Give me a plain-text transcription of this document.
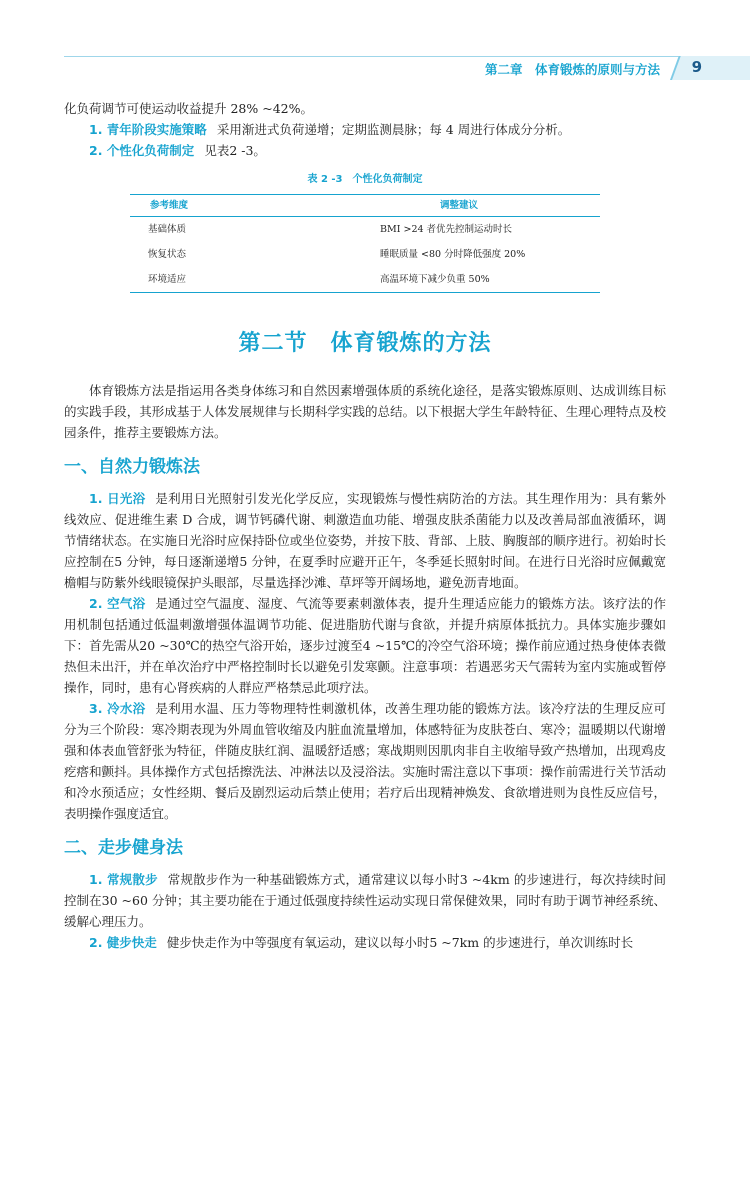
第二章　体育锻炼的原则与方法 9

化负荷调节可使运动收益提升 28% ~42%。

1. 青年阶段实施策略 采用渐进式负荷递增；定期监测晨脉；每 4 周进行体成分分析。

2. 个性化负荷制定 见表2 -3。

表 2 -3　个性化负荷制定
参考维度	调整建议
基础体质	BMI >24 者优先控制运动时长
恢复状态	睡眠质量 <80 分时降低强度 20%
环境适应	高温环境下减少负重 50%
第二节　体育锻炼的方法

体育锻炼方法是指运用各类身体练习和自然因素增强体质的系统化途径，是落实锻炼原则、达成训练目标的实践手段，其形成基于人体发展规律与长期科学实践的总结。以下根据大学生年龄特征、生理心理特点及校园条件，推荐主要锻炼方法。

一、自然力锻炼法

1. 日光浴 是利用日光照射引发光化学反应，实现锻炼与慢性病防治的方法。其生理作用为：具有紫外线效应、促进维生素 D 合成，调节钙磷代谢、刺激造血功能、增强皮肤杀菌能力以及改善局部血液循环，调节情绪状态。在实施日光浴时应保持卧位或坐位姿势，并按下肢、背部、上肢、胸腹部的顺序进行。初始时长应控制在5 分钟，每日逐渐递增5 分钟，在夏季时应避开正午，冬季延长照射时间。在进行日光浴时应佩戴宽檐帽与防紫外线眼镜保护头眼部，尽量选择沙滩、草坪等开阔场地，避免沥青地面。

2. 空气浴 是通过空气温度、湿度、气流等要素刺激体表，提升生理适应能力的锻炼方法。该疗法的作用机制包括通过低温刺激增强体温调节功能、促进脂肪代谢与食欲，并提升病原体抵抗力。具体实施步骤如下：首先需从20 ~30℃的热空气浴开始，逐步过渡至4 ~15℃的冷空气浴环境；操作前应通过热身使体表微热但未出汗，并在单次治疗中严格控制时长以避免引发寒颤。注意事项：若遇恶劣天气需转为室内实施或暂停操作，同时，患有心肾疾病的人群应严格禁忌此项疗法。

3. 冷水浴 是利用水温、压力等物理特性刺激机体，改善生理功能的锻炼方法。该冷疗法的生理反应可分为三个阶段：寒冷期表现为外周血管收缩及内脏血流量增加，体感特征为皮肤苍白、寒冷；温暖期以代谢增强和体表血管舒张为特征，伴随皮肤红润、温暖舒适感；寒战期则因肌肉非自主收缩导致产热增加，出现鸡皮疙瘩和颤抖。具体操作方式包括擦洗法、冲淋法以及浸浴法。实施时需注意以下事项：操作前需进行关节活动和冷水预适应；女性经期、餐后及剧烈运动后禁止使用；若疗后出现精神焕发、食欲增进则为良性反应信号，表明操作强度适宜。

二、走步健身法

1. 常规散步 常规散步作为一种基础锻炼方式，通常建议以每小时3 ~4km 的步速进行，每次持续时间控制在30 ~60 分钟；其主要功能在于通过低强度持续性运动实现日常保健效果，同时有助于调节神经系统、缓解心理压力。

2. 健步快走 健步快走作为中等强度有氧运动，建议以每小时5 ~7km 的步速进行，单次训练时长
